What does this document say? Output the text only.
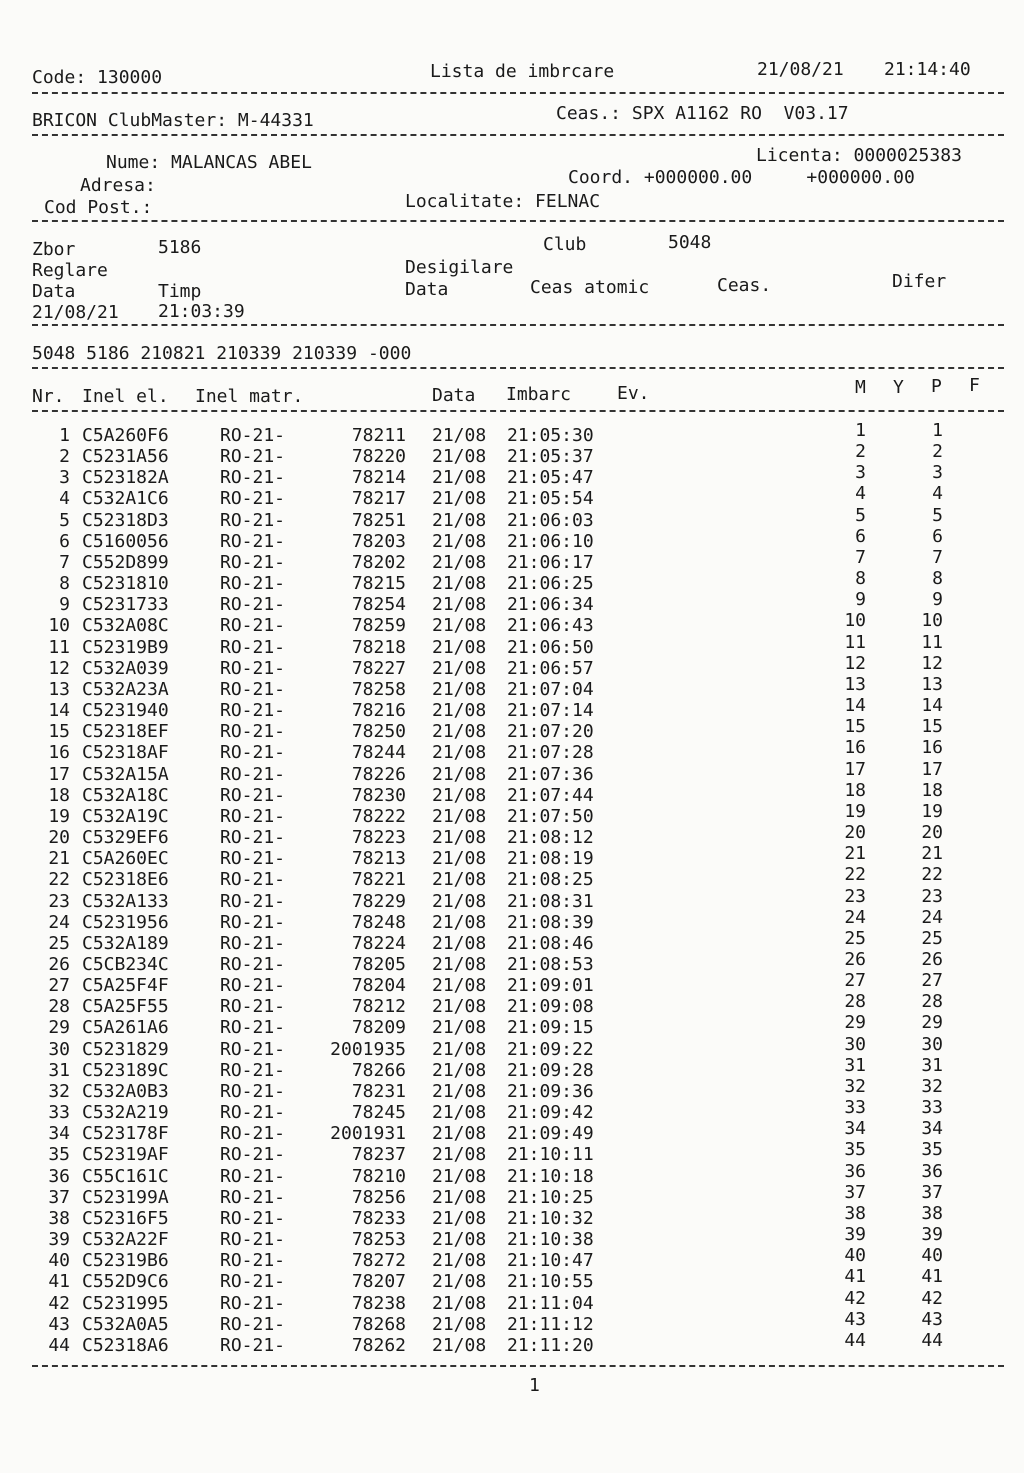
Code: 130000	Lista de imbrcare	21/08/21 21:14:40
BRICON ClubMaster: M-44331	Ceas.: SPX A1162 RO  V03.17
Nume: MALANCAS ABEL	Licenta: 0000025383
Adresa:	Coord. +000000.00     +000000.00
Cod Post.:	Localitate: FELNAC
Zbor	5186	Club	5048
Reglare	Desigilare
Data	Timp	Data	Ceas atomic	Ceas.	Difer
21/08/21 21:03:39
5048 5186 210821 210339 210339 -000
Nr. Inel el. Inel matr.	Data Imbarc	Ev.	M Y P F
1 C5A260F6	RO-21-	78211 21/08 21:05:30	1	1
2 C5231A56	RO-21-	78220 21/08 21:05:37	2	2
3 C523182A	RO-21-	78214 21/08 21:05:47	3	3
4 C532A1C6	RO-21-	78217 21/08 21:05:54	4	4
5 C52318D3	RO-21-	78251 21/08 21:06:03	5	5
6 C5160056	RO-21-	78203 21/08 21:06:10	6	6
7 C552D899	RO-21-	78202 21/08 21:06:17	7	7
8 C5231810	RO-21-	78215 21/08 21:06:25	8	8
9 C5231733	RO-21-	78254 21/08 21:06:34	9	9
10 C532A08C	RO-21-	78259 21/08 21:06:43	10	10
11 C52319B9	RO-21-	78218 21/08 21:06:50	11	11
12 C532A039	RO-21-	78227 21/08 21:06:57	12	12
13 C532A23A	RO-21-	78258 21/08 21:07:04	13	13
14 C5231940	RO-21-	78216 21/08 21:07:14	14	14
15 C52318EF	RO-21-	78250 21/08 21:07:20	15	15
16 C52318AF	RO-21-	78244 21/08 21:07:28	16	16
17 C532A15A	RO-21-	78226 21/08 21:07:36	17	17
18 C532A18C	RO-21-	78230 21/08 21:07:44	18	18
19 C532A19C	RO-21-	78222 21/08 21:07:50	19	19
20 C5329EF6	RO-21-	78223 21/08 21:08:12	20	20
21 C5A260EC	RO-21-	78213 21/08 21:08:19	21	21
22 C52318E6	RO-21-	78221 21/08 21:08:25	22	22
23 C532A133	RO-21-	78229 21/08 21:08:31	23	23
24 C5231956	RO-21-	78248 21/08 21:08:39	24	24
25 C532A189	RO-21-	78224 21/08 21:08:46	25	25
26 C5CB234C	RO-21-	78205 21/08 21:08:53	26	26
27 C5A25F4F	RO-21-	78204 21/08 21:09:01	27	27
28 C5A25F55	RO-21-	78212 21/08 21:09:08	28	28
29 C5A261A6	RO-21-	78209 21/08 21:09:15	29	29
30 C5231829	RO-21-	2001935 21/08 21:09:22	30	30
31 C523189C	RO-21-	78266 21/08 21:09:28	31	31
32 C532A0B3	RO-21-	78231 21/08 21:09:36	32	32
33 C532A219	RO-21-	78245 21/08 21:09:42	33	33
34 C523178F	RO-21-	2001931 21/08 21:09:49	34	34
35 C52319AF	RO-21-	78237 21/08 21:10:11	35	35
36 C55C161C	RO-21-	78210 21/08 21:10:18	36	36
37 C523199A	RO-21-	78256 21/08 21:10:25	37	37
38 C52316F5	RO-21-	78233 21/08 21:10:32	38	38
39 C532A22F	RO-21-	78253 21/08 21:10:38	39	39
40 C52319B6	RO-21-	78272 21/08 21:10:47	40	40
41 C552D9C6	RO-21-	78207 21/08 21:10:55	41	41
42 C5231995	RO-21-	78238 21/08 21:11:04	42	42
43 C532A0A5	RO-21-	78268 21/08 21:11:12	43	43
44 C52318A6	RO-21-	78262 21/08 21:11:20	44	44
1
